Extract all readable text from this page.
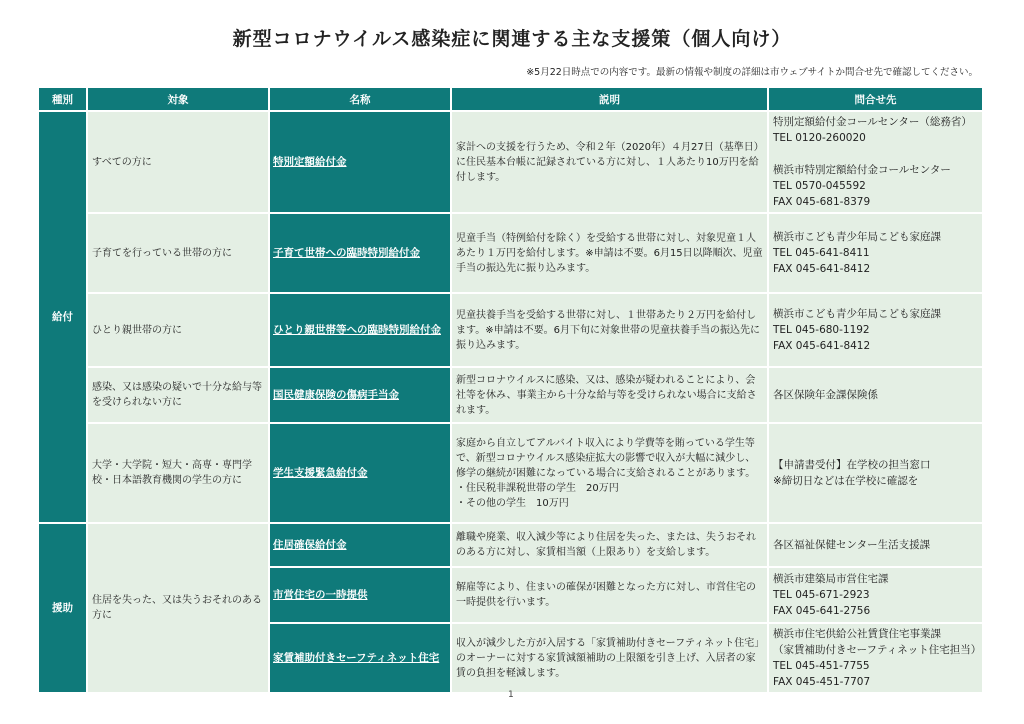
新型コロナウイルス感染症に関連する主な支援策（個人向け）
※5月22日時点での内容です。最新の情報や制度の詳細は市ウェブサイトか問合せ先で確認してください。
種別	対象	名称	説明	問合せ先
給付	すべての方に	特別定額給付金	家計への支援を行うため、令和２年（2020年）４月27日（基準日）に住民基本台帳に記録されている方に対し、１人あたり10万円を給付します。	特別定額給付金コールセンター（総務省）
TEL 0120-260020

横浜市特別定額給付金コールセンター
TEL 0570-045592
FAX 045-681-8379

	子育てを行っている世帯の方に	子育て世帯への臨時特別給付金	児童手当（特例給付を除く）を受給する世帯に対し、対象児童１人あたり１万円を給付します。※申請は不要。6月15日以降順次、児童手当の振込先に振り込みます。	横浜市こども青少年局こども家庭課
TEL 045-641-8411
FAX 045-641-8412

	ひとり親世帯の方に	ひとり親世帯等への臨時特別給付金	児童扶養手当を受給する世帯に対し、１世帯あたり２万円を給付します。※申請は不要。6月下旬に対象世帯の児童扶養手当の振込先に振り込みます。	横浜市こども青少年局こども家庭課
TEL 045-680-1192
FAX 045-641-8412

	感染、又は感染の疑いで十分な給与等を受けられない方に	国民健康保険の傷病手当金	新型コロナウイルスに感染、又は、感染が疑われることにより、会社等を休み、事業主から十分な給与等を受けられない場合に支給されます。	各区保険年金課保険係

	大学・大学院・短大・高専・専門学校・日本語教育機関の学生の方に	学生支援緊急給付金	家庭から自立してアルバイト収入により学費等を賄っている学生等で、新型コロナウイルス感染症拡大の影響で収入が大幅に減少し、修学の継続が困難になっている場合に支給されることがあります。
・住民税非課税世帯の学生　20万円
・その他の学生　10万円	【申請書受付】在学校の担当窓口
※締切日などは在学校に確認を

援助	住居を失った、又は失うおそれのある方に	住居確保給付金	離職や廃業、収入減少等により住居を失った、または、失うおそれのある方に対し、家賃相当額（上限あり）を支給します。	各区福祉保健センター生活支援課

		市営住宅の一時提供	解雇等により、住まいの確保が困難となった方に対し、市営住宅の一時提供を行います。	横浜市建築局市営住宅課
TEL 045-671-2923
FAX 045-641-2756

		家賃補助付きセーフティネット住宅	収入が減少した方が入居する「家賃補助付きセーフティネット住宅」のオーナーに対する家賃減額補助の上限額を引き上げ、入居者の家賃の負担を軽減します。	横浜市住宅供給公社賃貸住宅事業課
（家賃補助付きセーフティネット住宅担当）
TEL 045-451-7755
FAX 045-451-7707
1
